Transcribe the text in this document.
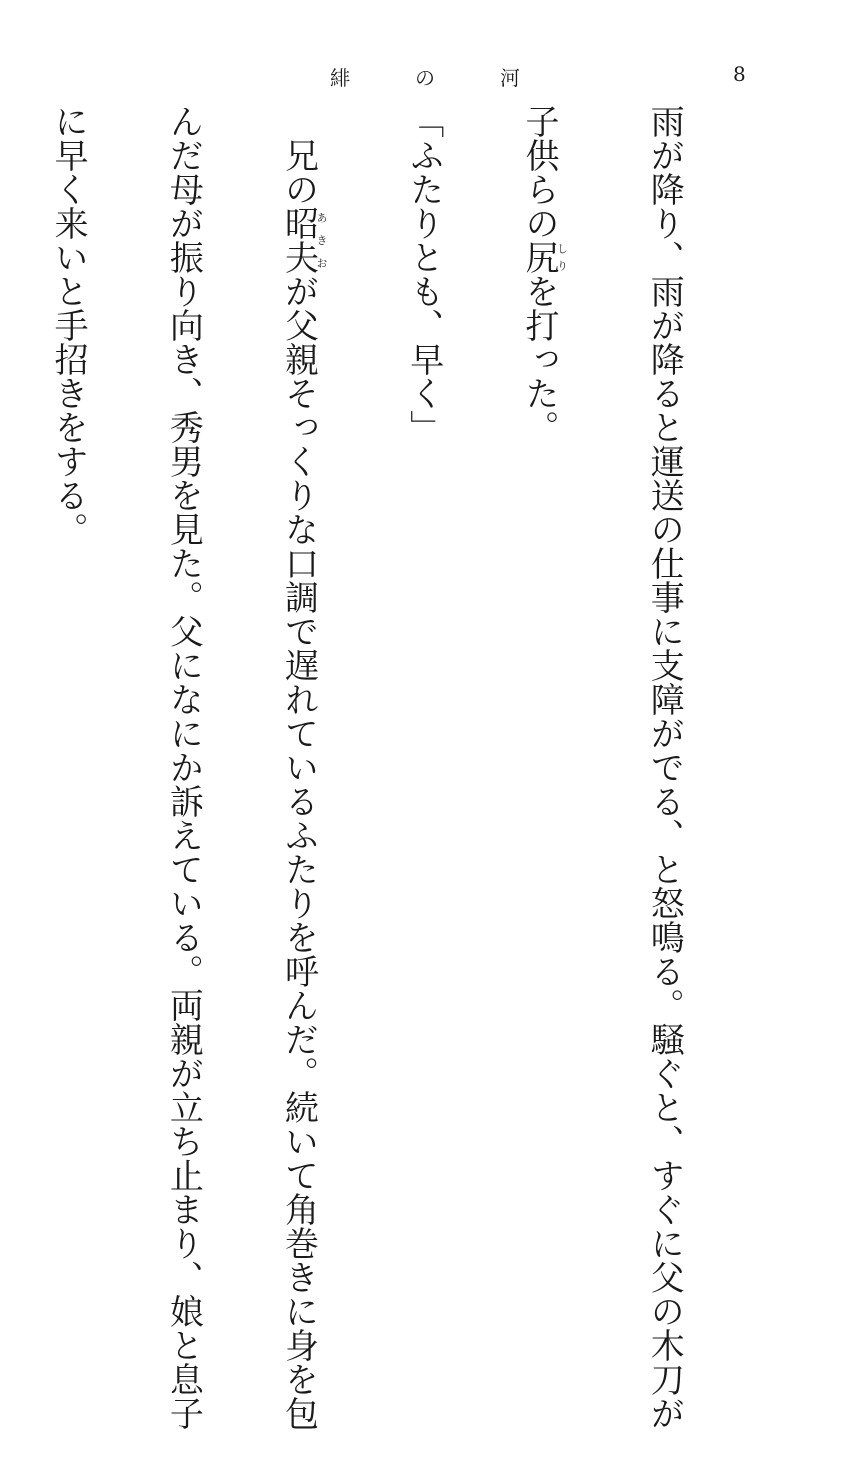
緋	の	河	8

雨が降り、雨が降ると運送の仕事に支障がでる、と怒鳴る。騒ぐと、すぐに父の木刀が

子供らの尻しりを打った。

「ふたりとも、早く」

　兄の昭夫あきおが父親そっくりな口調で遅れているふたりを呼んだ。続いて角巻きに身を包

んだ母が振り向き、秀男を見た。父になにか訴えている。両親が立ち止まり、娘と息子

に早く来いと手招きをする。
